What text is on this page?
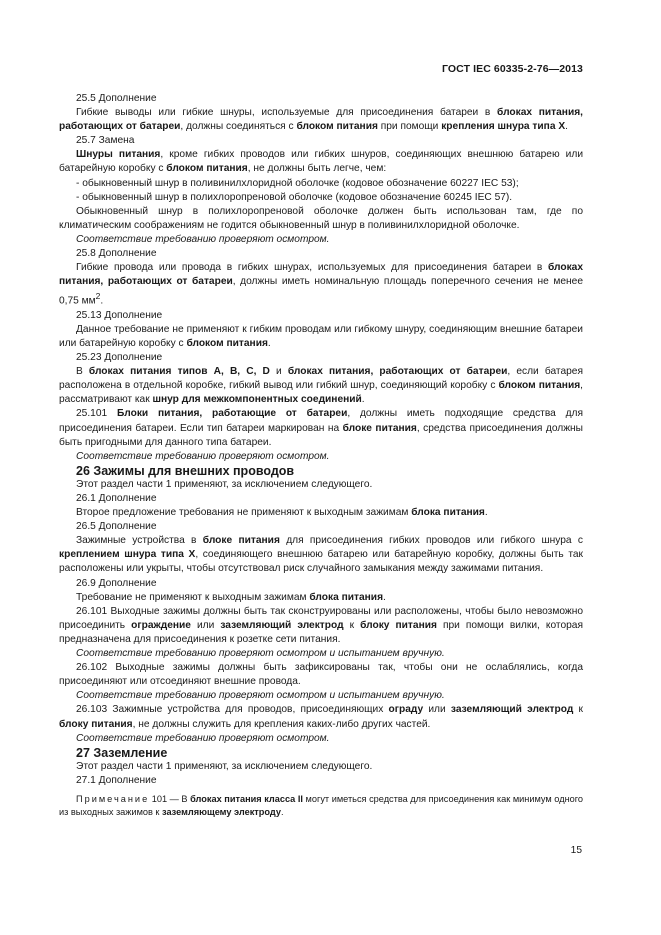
ГОСТ IEC 60335-2-76—2013

25.5 Дополнение

Гибкие выводы или гибкие шнуры, используемые для присоединения батареи в блоках питания, работающих от батареи, должны соединяться с блоком питания при помощи крепления шнура типа X.

25.7 Замена

Шнуры питания, кроме гибких проводов или гибких шнуров, соединяющих внешнюю батарею или батарейную коробку с блоком питания, не должны быть легче, чем:

- обыкновенный шнур в поливинилхлоридной оболочке (кодовое обозначение 60227 IEC 53);

- обыкновенный шнур в полихлоропреновой оболочке (кодовое обозначение 60245 IEC 57).

Обыкновенный шнур в полихлоропреновой оболочке должен быть использован там, где по климатическим соображениям не годится обыкновенный шнур в поливинилхлоридной оболочке.

Соответствие требованию проверяют осмотром.

25.8 Дополнение

Гибкие провода или провода в гибких шнурах, используемых для присоединения батареи в блоках питания, работающих от батареи, должны иметь номинальную площадь поперечного сечения не менее 0,75 $мм^2$.

25.13 Дополнение

Данное требование не применяют к гибким проводам или гибкому шнуру, соединяющим внешние батареи или батарейную коробку с блоком питания.

25.23 Дополнение

В блоках питания типов A, B, C, D и блоках питания, работающих от батареи, если батарея расположена в отдельной коробке, гибкий вывод или гибкий шнур, соединяющий коробку с блоком питания, рассматривают как шнур для межкомпонентных соединений.

25.101 Блоки питания, работающие от батареи, должны иметь подходящие средства для присоединения батареи. Если тип батареи маркирован на блоке питания, средства присоединения должны быть пригодными для данного типа батареи.

Соответствие требованию проверяют осмотром.

26 Зажимы для внешних проводов

Этот раздел части 1 применяют, за исключением следующего.

26.1 Дополнение

Второе предложение требования не применяют к выходным зажимам блока питания.

26.5 Дополнение

Зажимные устройства в блоке питания для присоединения гибких проводов или гибкого шнура с креплением шнура типа X, соединяющего внешнюю батарею или батарейную коробку, должны быть так расположены или укрыты, чтобы отсутствовал риск случайного замыкания между зажимами питания.

26.9 Дополнение

Требование не применяют к выходным зажимам блока питания.

26.101 Выходные зажимы должны быть так сконструированы или расположены, чтобы было невозможно присоединить ограждение или заземляющий электрод к блоку питания при помощи вилки, которая предназначена для присоединения к розетке сети питания.

Соответствие требованию проверяют осмотром и испытанием вручную.

26.102 Выходные зажимы должны быть зафиксированы так, чтобы они не ослаблялись, когда присоединяют или отсоединяют внешние провода.

Соответствие требованию проверяют осмотром и испытанием вручную.

26.103 Зажимные устройства для проводов, присоединяющих ограду или заземляющий электрод к блоку питания, не должны служить для крепления каких-либо других частей.

Соответствие требованию проверяют осмотром.

27 Заземление

Этот раздел части 1 применяют, за исключением следующего.

27.1 Дополнение

Примечание 101 — В блоках питания класса II могут иметься средства для присоединения как минимум одного из выходных зажимов к заземляющему электроду.

15
